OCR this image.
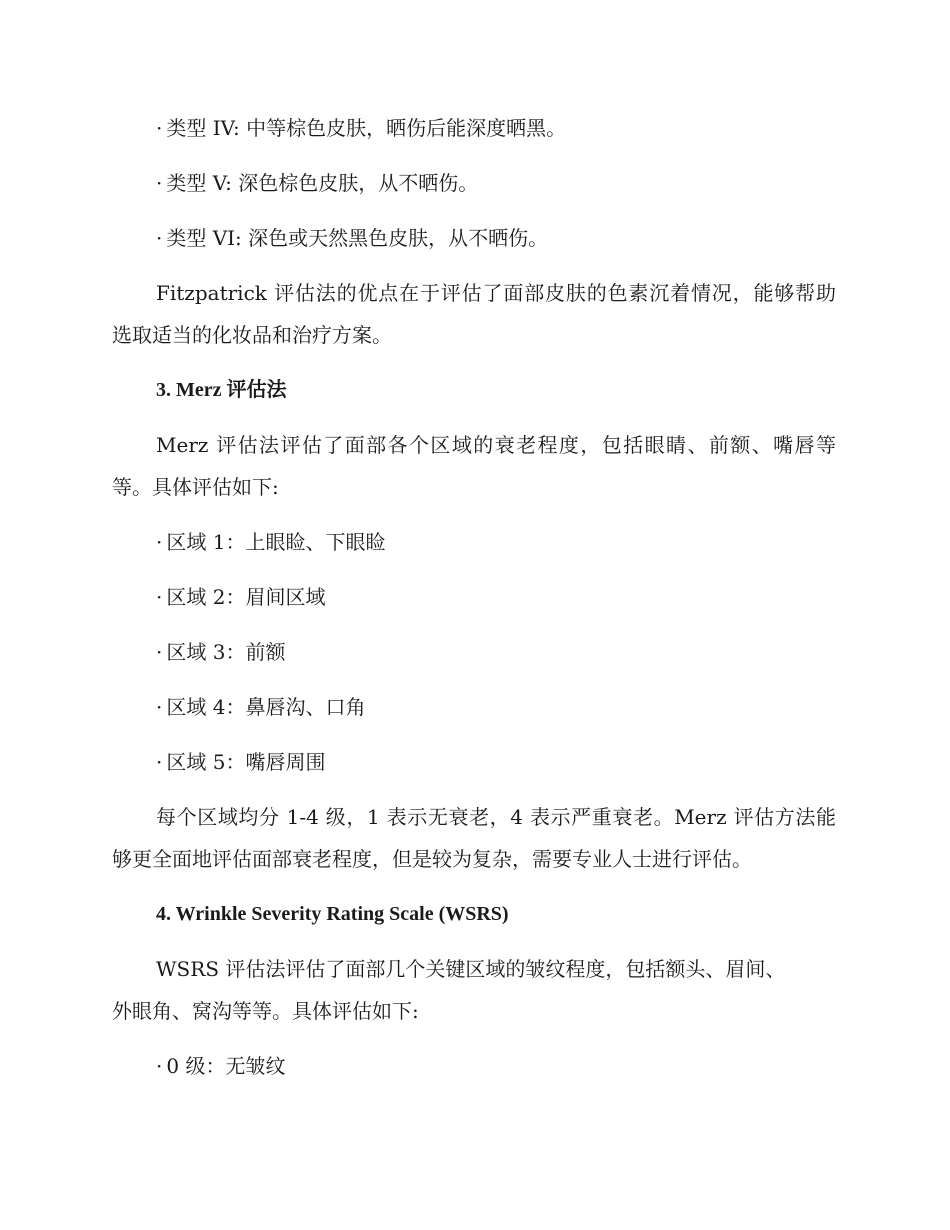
· 类型 IV: 中等棕色皮肤，晒伤后能深度晒黑。
· 类型 V: 深色棕色皮肤，从不晒伤。
· 类型 VI: 深色或天然黑色皮肤，从不晒伤。
Fitzpatrick 评估法的优点在于评估了面部皮肤的色素沉着情况，能够帮助
选取适当的化妆品和治疗方案。
3. Merz 评估法
Merz 评估法评估了面部各个区域的衰老程度，包括眼睛、前额、嘴唇等
等。具体评估如下:
· 区域 1：上眼睑、下眼睑
· 区域 2：眉间区域
· 区域 3：前额
· 区域 4：鼻唇沟、口角
· 区域 5：嘴唇周围
每个区域均分 1-4 级，1 表示无衰老，4 表示严重衰老。Merz 评估方法能
够更全面地评估面部衰老程度，但是较为复杂，需要专业人士进行评估。
4. Wrinkle Severity Rating Scale (WSRS)
WSRS 评估法评估了面部几个关键区域的皱纹程度，包括额头、眉间、
外眼角、窝沟等等。具体评估如下:
· 0 级：无皱纹
